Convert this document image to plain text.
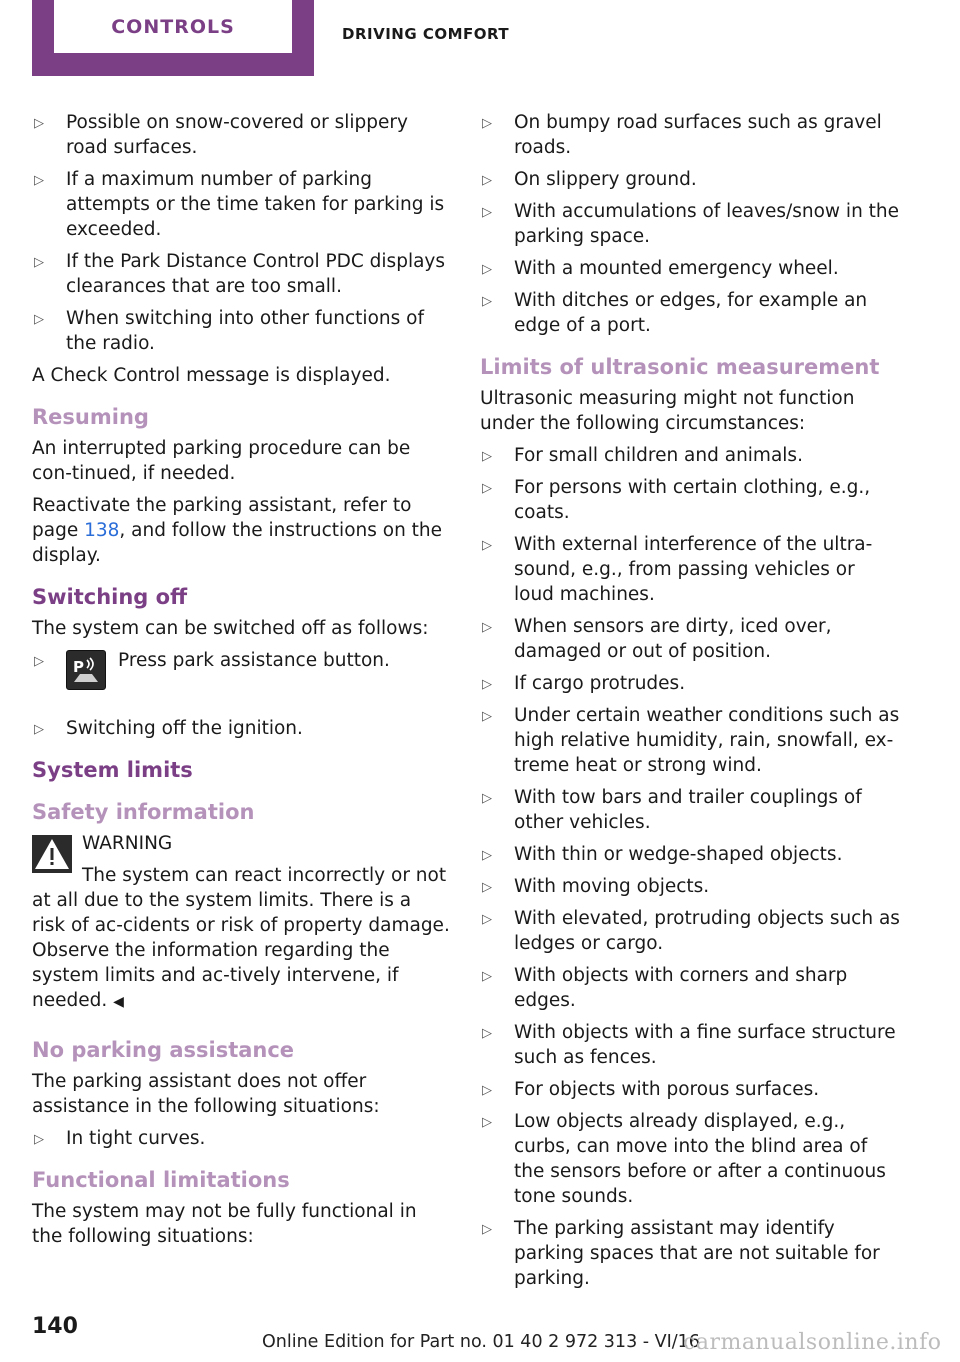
CONTROLS	DRIVING COMFORT
▷ Possible on snow-covered or slippery road surfaces.
▷ If a maximum number of parking attempts or the time taken for parking is exceeded.
▷ If the Park Distance Control PDC displays clearances that are too small.
▷ When switching into other functions of the radio.

A Check Control message is displayed.

Resuming

An interrupted parking procedure can be con‐tinued, if needed.

Reactivate the parking assistant, refer to page 138, and follow the instructions on the display.

Switching off

The system can be switched off as follows:

▷ P Press park assistance button.
▷ Switching off the ignition.
System limits
Safety information

WARNING

The system can react incorrectly or not at all due to the system limits. There is a risk of ac‐cidents or risk of property damage. Observe the information regarding the system limits and ac‐tively intervene, if needed. ◀

No parking assistance

The parking assistant does not offer assistance in the following situations:

▷ In tight curves.
Functional limitations

The system may not be fully functional in the following situations:

▷ On bumpy road surfaces such as gravel roads.
▷ On slippery ground.
▷ With accumulations of leaves/snow in the parking space.
▷ With a mounted emergency wheel.
▷ With ditches or edges, for example an edge of a port.
Limits of ultrasonic measurement

Ultrasonic measuring might not function under the following circumstances:

▷ For small children and animals.
▷ For persons with certain clothing, e.g., coats.
▷ With external interference of the ultra‐sound, e.g., from passing vehicles or loud machines.
▷ When sensors are dirty, iced over, damaged or out of position.
▷ If cargo protrudes.
▷ Under certain weather conditions such as high relative humidity, rain, snowfall, ex‐treme heat or strong wind.
▷ With tow bars and trailer couplings of other vehicles.
▷ With thin or wedge-shaped objects.
▷ With moving objects.
▷ With elevated, protruding objects such as ledges or cargo.
▷ With objects with corners and sharp edges.
▷ With objects with a fine surface structure such as fences.
▷ For objects with porous surfaces.
▷ Low objects already displayed, e.g., curbs, can move into the blind area of the sensors before or after a continuous tone sounds.
▷ The parking assistant may identify parking spaces that are not suitable for parking.
140
Online Edition for Part no. 01 40 2 972 313 - VI/16
carmanualsonline.info
